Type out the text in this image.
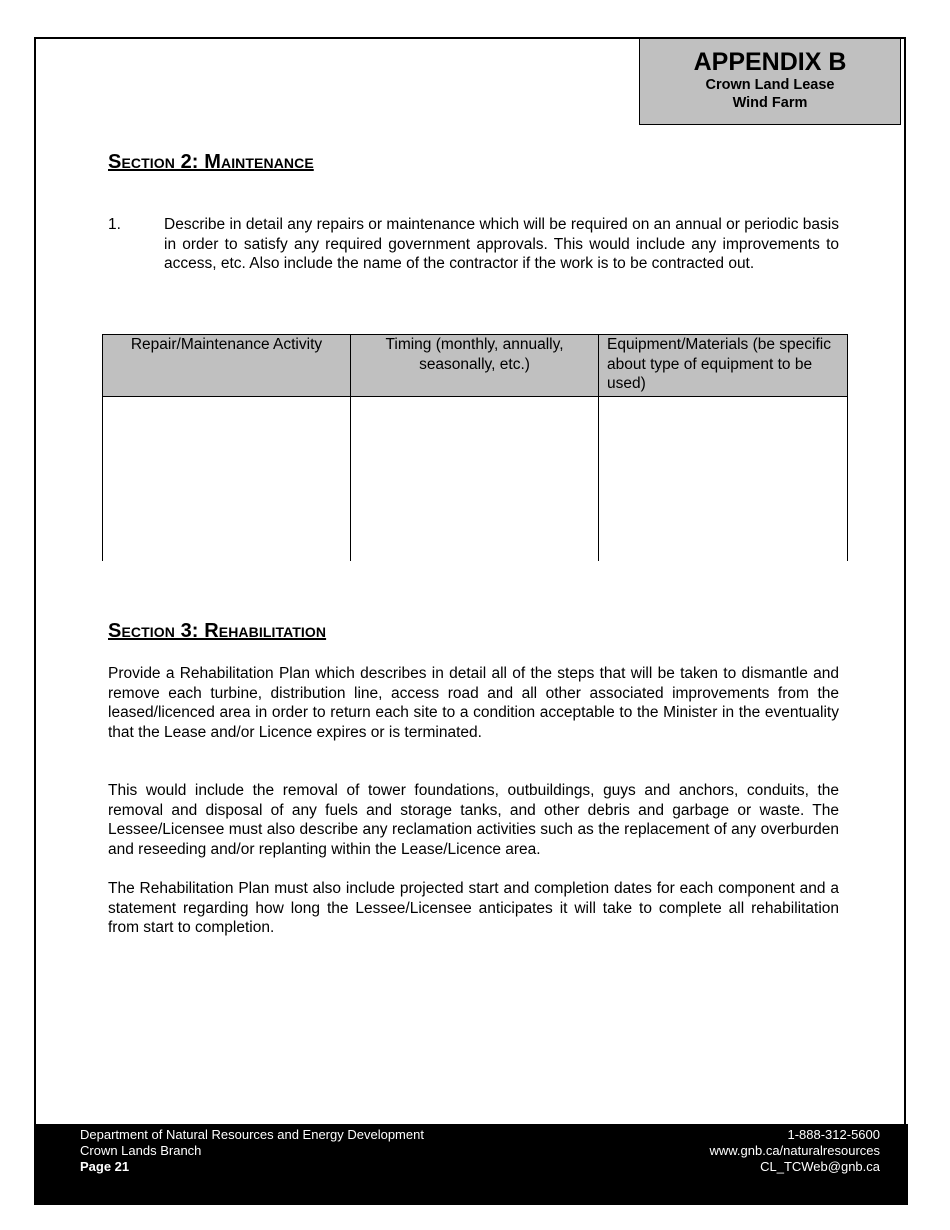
APPENDIX B
Crown Land Lease
Wind Farm
Section 2: Maintenance
1.	Describe in detail any repairs or maintenance which will be required on an annual or periodic basis in order to satisfy any required government approvals. This would include any improvements to access, etc. Also include the name of the contractor if the work is to be contracted out.
Repair/Maintenance Activity	Timing (monthly, annually, seasonally, etc.)	Equipment/Materials (be specific about type of equipment to be used)

Section 3: Rehabilitation

Provide a Rehabilitation Plan which describes in detail all of the steps that will be taken to dismantle and remove each turbine, distribution line, access road and all other associated improvements from the leased/licenced area in order to return each site to a condition acceptable to the Minister in the eventuality that the Lease and/or Licence expires or is terminated.

This would include the removal of tower foundations, outbuildings, guys and anchors, conduits, the removal and disposal of any fuels and storage tanks, and other debris and garbage or waste. The Lessee/Licensee must also describe any reclamation activities such as the replacement of any overburden and reseeding and/or replanting within the Lease/Licence area.

The Rehabilitation Plan must also include projected start and completion dates for each component and a statement regarding how long the Lessee/Licensee anticipates it will take to complete all rehabilitation from start to completion.

Department of Natural Resources and Energy Development
Crown Lands Branch
Page 21
1-888-312-5600
www.gnb.ca/naturalresources
CL_TCWeb@gnb.ca
